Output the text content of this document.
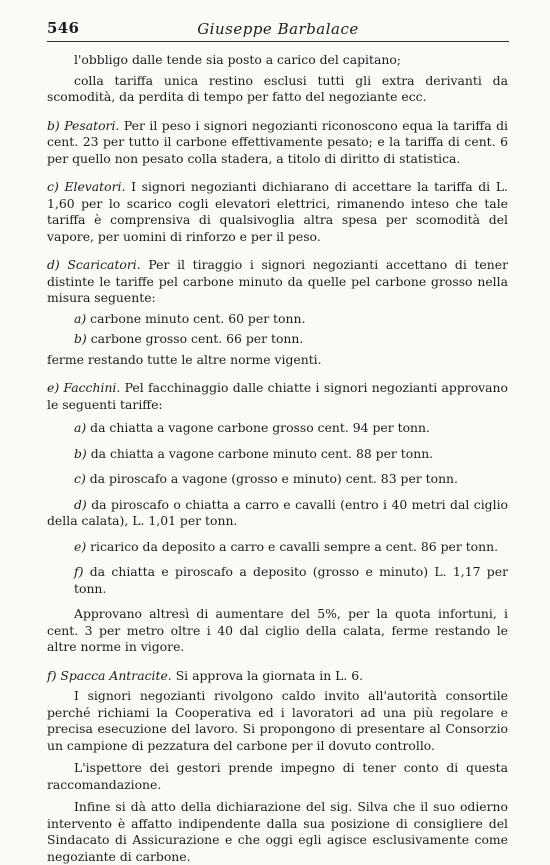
546	Giuseppe Barbalace

l'obbligo dalle tende sia posto a carico del capitano;

colla tariffa unica restino esclusi tutti gli extra derivanti da scomodità, da perdita di tempo per fatto del negoziante ecc.

b) Pesatori. Per il peso i signori negozianti riconoscono equa la tariffa di cent. 23 per tutto il carbone effettivamente pesato; e la tariffa di cent. 6 per quello non pesato colla stadera, a titolo di diritto di statistica.

c) Elevatori. I signori negozianti dichiarano di accettare la tariffa di L. 1,60 per lo scarico cogli elevatori elettrici, rimanendo inteso che tale tariffa è comprensiva di qualsivoglia altra spesa per scomodità del vapore, per uomini di rinforzo e per il peso.

d) Scaricatori. Per il tiraggio i signori negozianti accettano di tener distinte le tariffe pel carbone minuto da quelle pel carbone grosso nella misura seguente:

a) carbone minuto cent. 60 per tonn.

b) carbone grosso cent. 66 per tonn.

ferme restando tutte le altre norme vigenti.

e) Facchini. Pel facchinaggio dalle chiatte i signori negozianti approvano le seguenti tariffe:

a) da chiatta a vagone carbone grosso cent. 94 per tonn.

b) da chiatta a vagone carbone minuto cent. 88 per tonn.

c) da piroscafo a vagone (grosso e minuto) cent. 83 per tonn.

d) da piroscafo o chiatta a carro e cavalli (entro i 40 metri dal ciglio della calata), L. 1,01 per tonn.

e) ricarico da deposito a carro e cavalli sempre a cent. 86 per tonn.

f) da chiatta e piroscafo a deposito (grosso e minuto) L. 1,17 per tonn.

Approvano altresì di aumentare del 5%, per la quota infortuni, i cent. 3 per metro oltre i 40 dal ciglio della calata, ferme restando le altre norme in vigore.

f) Spacca Antracite. Si approva la giornata in L. 6.

I signori negozianti rivolgono caldo invito all'autorità consortile perché richiami la Cooperativa ed i lavoratori ad una più regolare e precisa esecuzione del lavoro. Si propongono di presentare al Consorzio un campione di pezzatura del carbone per il dovuto controllo.

L'ispettore dei gestori prende impegno di tener conto di questa raccomandazione.

Infine si dà atto della dichiarazione del sig. Silva che il suo odierno intervento è affatto indipendente dalla sua posizione di consigliere del Sindacato di Assicurazione e che oggi egli agisce esclusivamente come negoziante di carbone.
